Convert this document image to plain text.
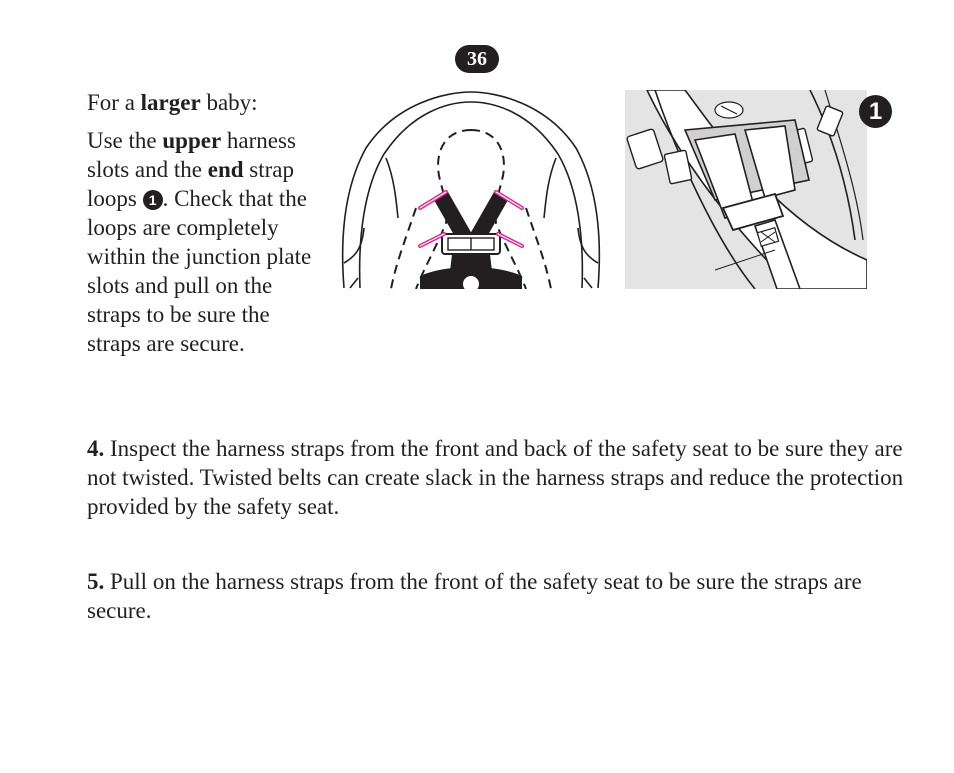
36

For a larger baby:

Use the upper harness slots and the end strap loops 1 . Check that the loops are completely within the junction plate slots and pull on the straps to be sure the straps are secure.

1

4. Inspect the harness straps from the front and back of the safety seat to be sure they are not twisted. Twisted belts can create slack in the harness straps and reduce the protection provided by the safety seat.

5. Pull on the harness straps from the front of the safety seat to be sure the straps are secure.
